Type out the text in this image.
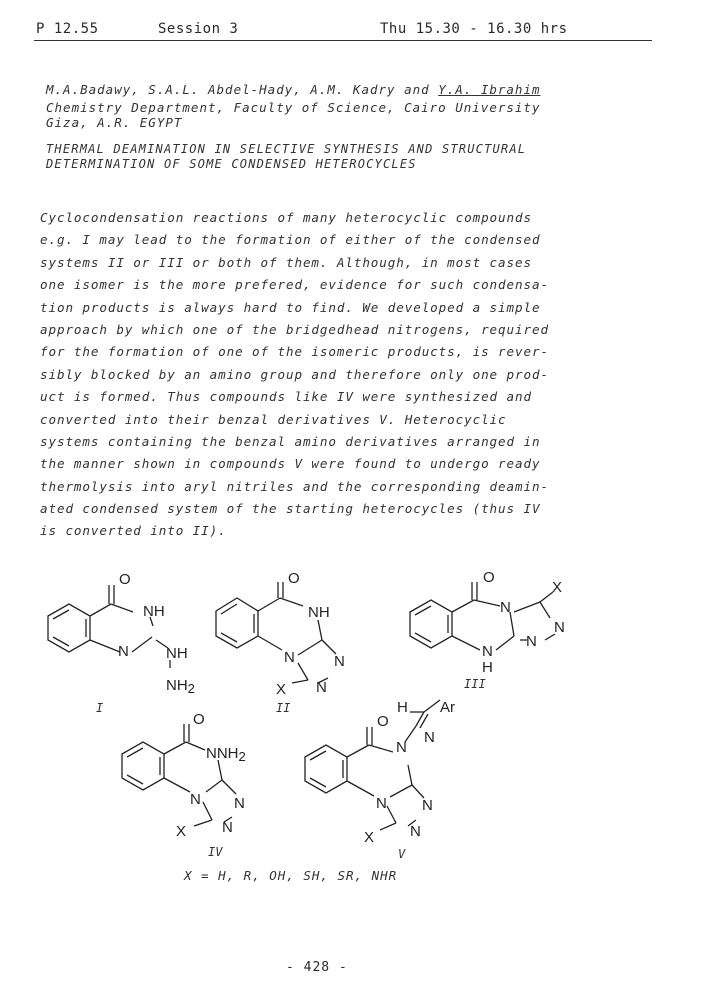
P 12.55	Session 3	Thu 15.30 - 16.30 hrs
M.A.Badawy, S.A.L. Abdel-Hady, A.M. Kadry and Y.A. Ibrahim
Chemistry Department, Faculty of Science, Cairo University
Giza, A.R. EGYPT
THERMAL DEAMINATION IN SELECTIVE SYNTHESIS AND STRUCTURAL
DETERMINATION OF SOME CONDENSED HETEROCYCLES
Cyclocondensation reactions of many heterocyclic compounds
e.g. I may lead to the formation of either of the condensed
systems II or III or both of them. Although, in most cases
one isomer is the more prefered, evidence for such condensa-
tion products is always hard to find. We developed a simple
approach by which one of the bridgedhead nitrogens, required
for the formation of one of the isomeric products, is rever-
sibly blocked by an amino group and therefore only one prod-
uct is formed. Thus compounds like IV were synthesized and
converted into their benzal derivatives V. Heterocyclic
systems containing the benzal amino derivatives arranged in
the manner shown in compounds V were found to undergo ready
thermolysis into aryl nitriles and the corresponding deamin-
ated condensed system of the starting heterocycles (thus IV
is converted into II).
O
NH
N NH
NH2
O
NH
N	N
N
X
O
N
N
H
N
N
X
O
NNH2
N N
N
X
O
N
N N
N
X
N
H Ar
I	II
III
IV	V
X = H, R, OH, SH, SR, NHR
- 428 -
